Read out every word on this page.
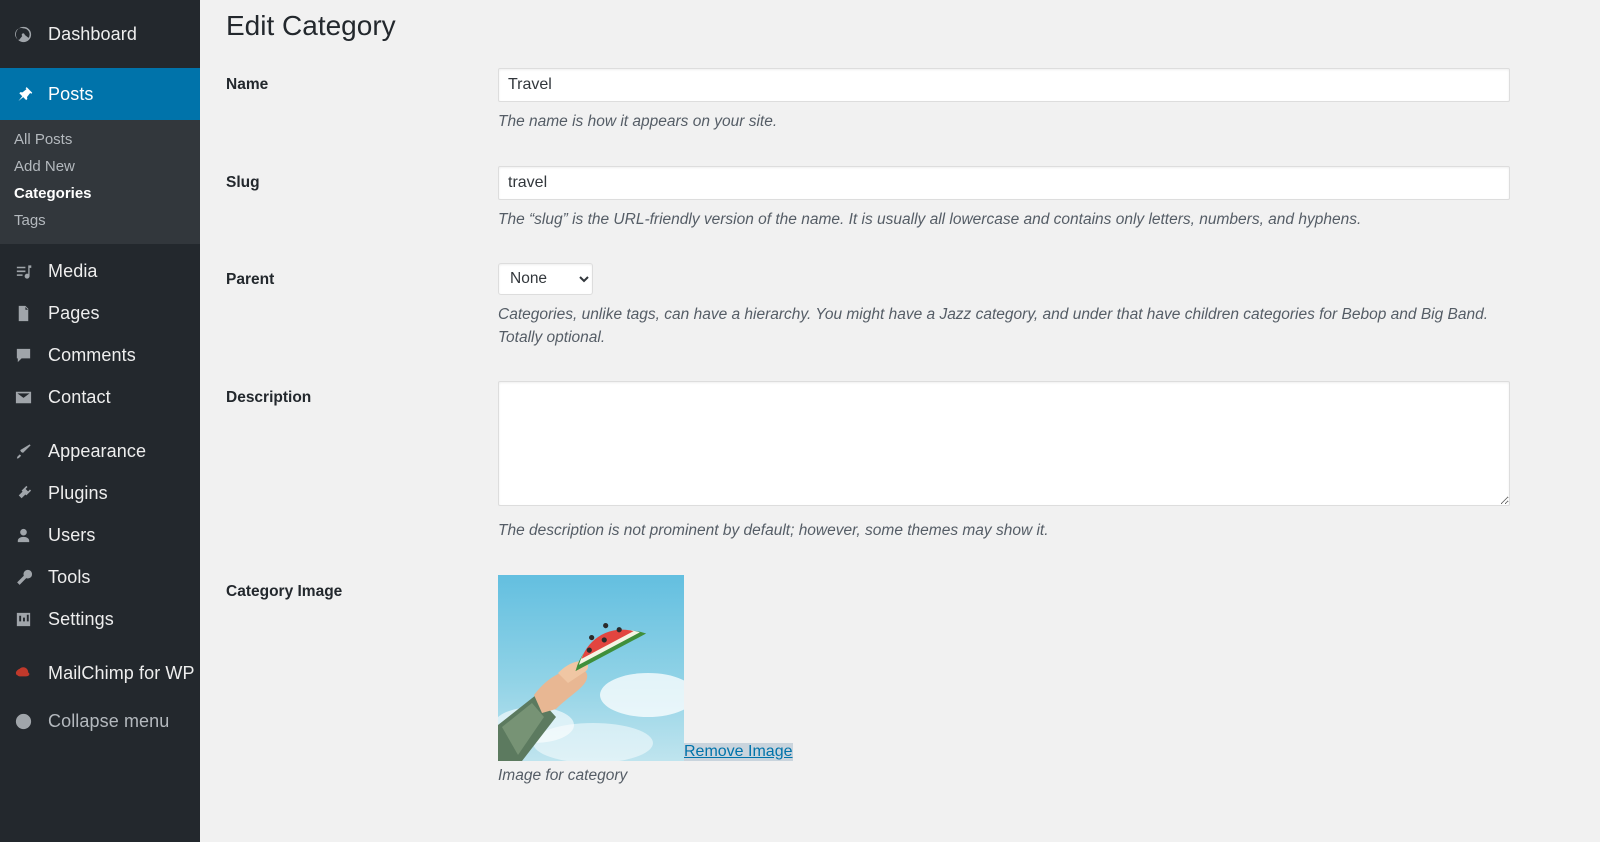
Dashboard
Posts
All Posts
Add New
Categories
Tags
Media
Pages
Comments
Contact
Appearance
Plugins
Users
Tools
Settings
MailChimp for WP
Collapse menu
Edit Category
Name
Travel

The name is how it appears on your site.

Slug
travel

The “slug” is the URL-friendly version of the name. It is usually all lowercase and contains only letters, numbers, and hyphens.

Parent
None

Categories, unlike tags, can have a hierarchy. You might have a Jazz category, and under that have children categories for Bebop and Big Band. Totally optional.

Description

The description is not prominent by default; however, some themes may show it.

Category Image
Remove Image

Image for category
